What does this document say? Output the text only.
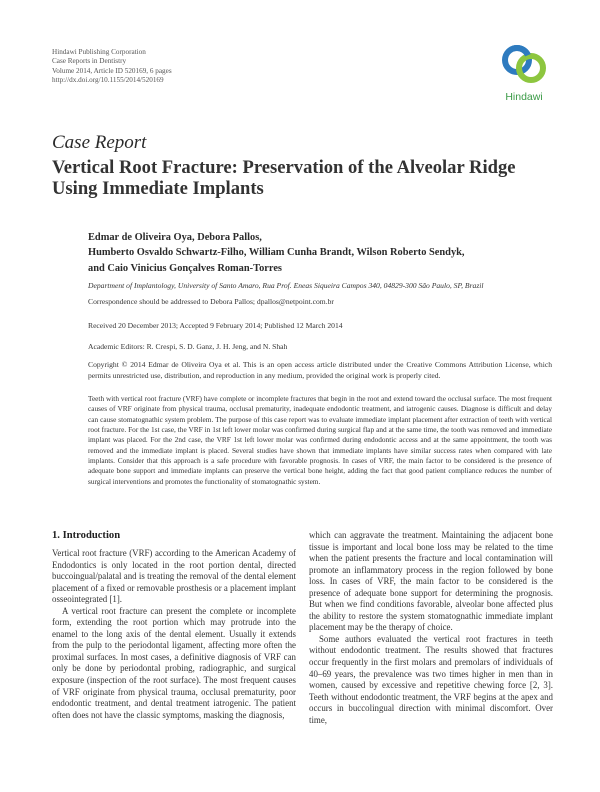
Hindawi Publishing Corporation
Case Reports in Dentistry
Volume 2014, Article ID 520169, 6 pages
http://dx.doi.org/10.1155/2014/520169
Hindawi
Case Report
Vertical Root Fracture: Preservation of the Alveolar Ridge Using Immediate Implants
Edmar de Oliveira Oya, Debora Pallos,
Humberto Osvaldo Schwartz-Filho, William Cunha Brandt, Wilson Roberto Sendyk,
and Caio Vinicius Gonçalves Roman-Torres
Department of Implantology, University of Santo Amaro, Rua Prof. Eneas Siqueira Campos 340, 04829-300 São Paulo, SP, Brazil
Correspondence should be addressed to Debora Pallos; dpallos@netpoint.com.br
Received 20 December 2013; Accepted 9 February 2014; Published 12 March 2014
Academic Editors: R. Crespi, S. D. Ganz, J. H. Jeng, and N. Shah
Copyright © 2014 Edmar de Oliveira Oya et al. This is an open access article distributed under the Creative Commons Attribution License, which permits unrestricted use, distribution, and reproduction in any medium, provided the original work is properly cited.
Teeth with vertical root fracture (VRF) have complete or incomplete fractures that begin in the root and extend toward the occlusal surface. The most frequent causes of VRF originate from physical trauma, occlusal prematurity, inadequate endodontic treatment, and iatrogenic causes. Diagnose is difficult and delay can cause stomatognathic system problem. The purpose of this case report was to evaluate immediate implant placement after extraction of teeth with vertical root fracture. For the 1st case, the VRF in 1st left lower molar was confirmed during surgical flap and at the same time, the tooth was removed and immediate implant was placed. For the 2nd case, the VRF 1st left lower molar was confirmed during endodontic access and at the same appointment, the tooth was removed and the immediate implant is placed. Several studies have shown that immediate implants have similar success rates when compared with late implants. Consider that this approach is a safe procedure with favorable prognosis. In cases of VRF, the main factor to be considered is the presence of adequate bone support and immediate implants can preserve the vertical bone height, adding the fact that good patient compliance reduces the number of surgical interventions and promotes the functionality of stomatognathic system.
1. Introduction

Vertical root fracture (VRF) according to the American Academy of Endodontics is only located in the root portion dental, directed buccoingual/palatal and is treating the removal of the dental element placement of a fixed or removable prosthesis or a placement implant osseointegrated [1].

A vertical root fracture can present the complete or incomplete form, extending the root portion which may protrude into the enamel to the long axis of the dental element. Usually it extends from the pulp to the periodontal ligament, affecting more often the proximal surfaces. In most cases, a definitive diagnosis of VRF can only be done by periodontal probing, radiographic, and surgical exposure (inspection of the root surface). The most frequent causes of VRF originate from physical trauma, occlusal prematurity, poor endodontic treatment, and dental treatment iatrogenic. The patient often does not have the classic symptoms, masking the diagnosis,

which can aggravate the treatment. Maintaining the adjacent bone tissue is important and local bone loss may be related to the time when the patient presents the fracture and local contamination will promote an inflammatory process in the region followed by bone loss. In cases of VRF, the main factor to be considered is the presence of adequate bone support for determining the prognosis. But when we find conditions favorable, alveolar bone affected plus the ability to restore the system stomatognathic immediate implant placement may be the therapy of choice.

Some authors evaluated the vertical root fractures in teeth without endodontic treatment. The results showed that fractures occur frequently in the first molars and premolars of individuals of 40–69 years, the prevalence was two times higher in men than in women, caused by excessive and repetitive chewing force [2, 3]. Teeth without endodontic treatment, the VRF begins at the apex and occurs in buccolingual direction with minimal discomfort. Over time,
